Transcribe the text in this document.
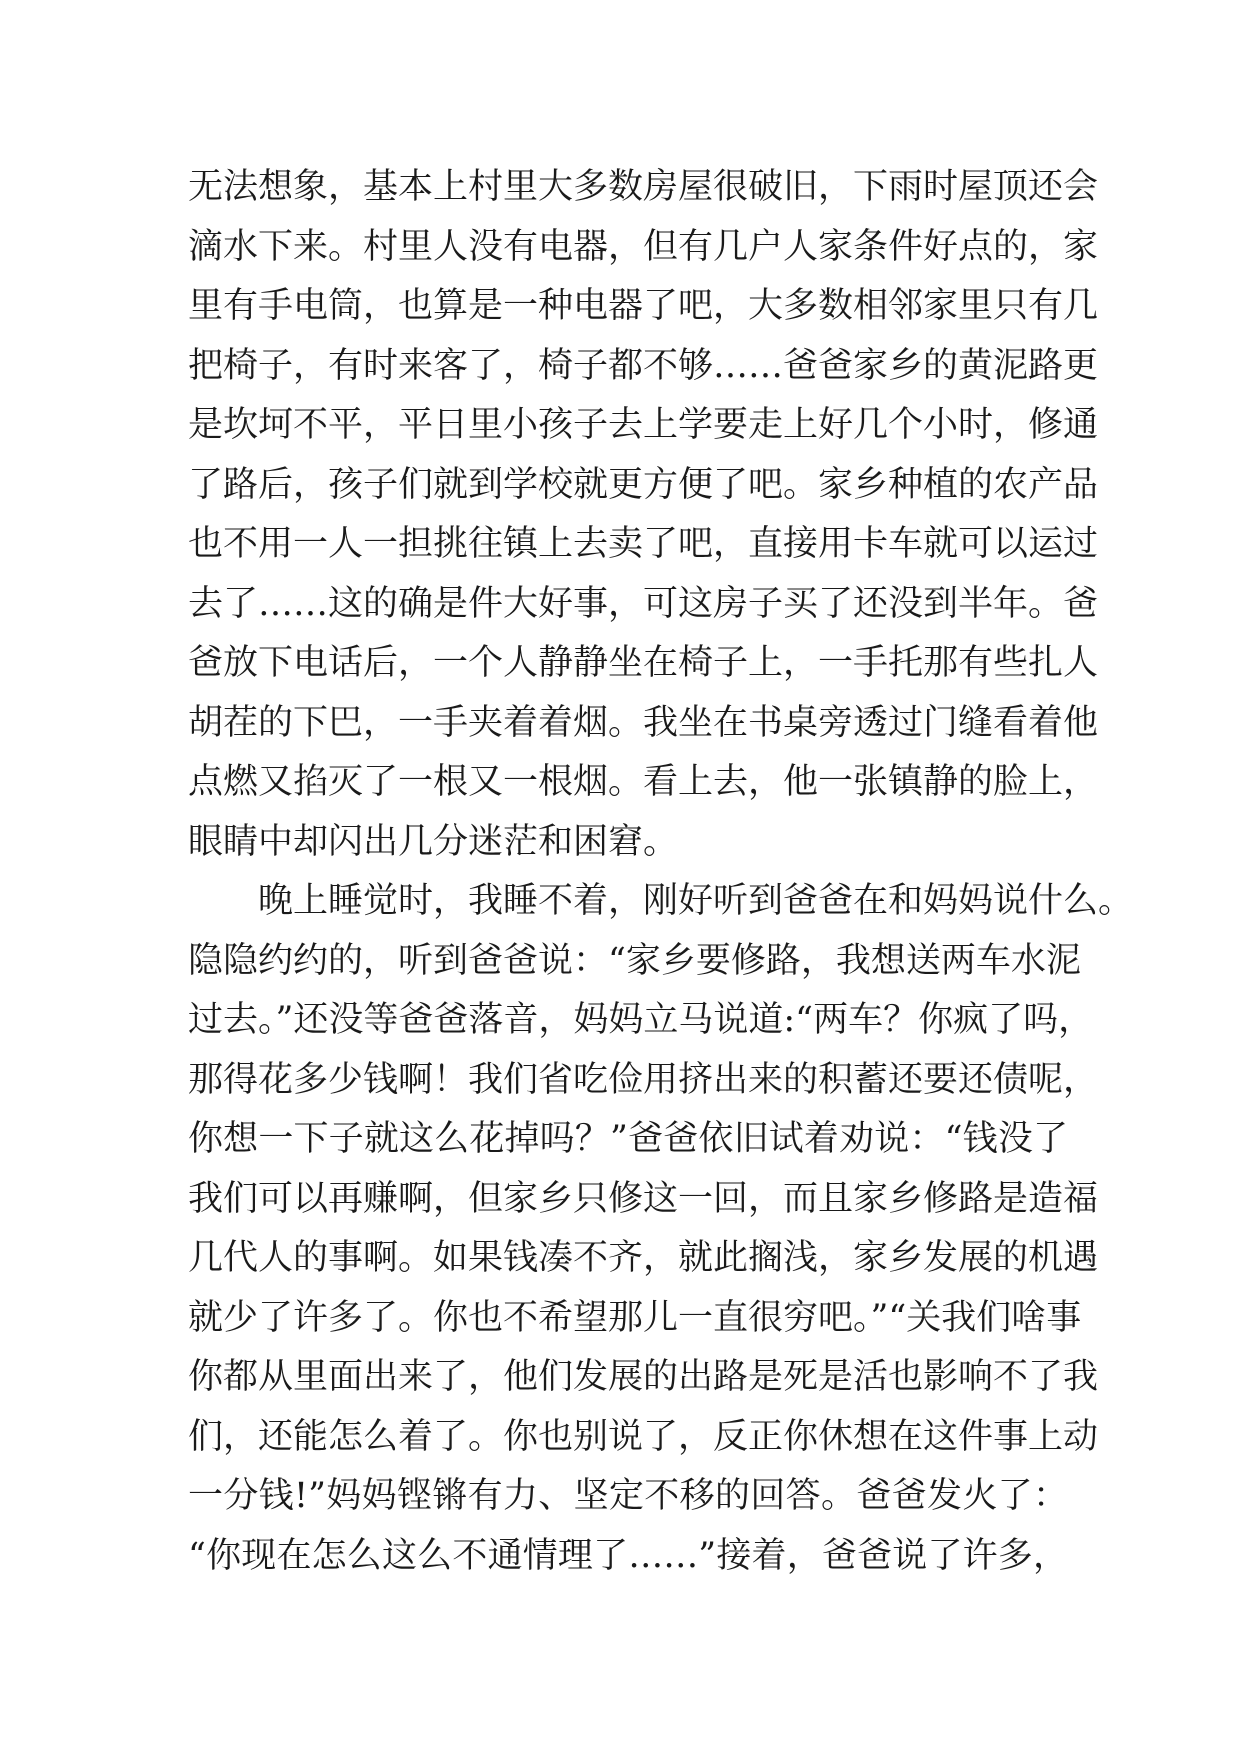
无法想象，基本上村里大多数房屋很破旧，下雨时屋顶还会
滴水下来。村里人没有电器，但有几户人家条件好点的，家
里有手电筒，也算是一种电器了吧，大多数相邻家里只有几
把椅子，有时来客了，椅子都不够……爸爸家乡的黄泥路更
是坎坷不平，平日里小孩子去上学要走上好几个小时，修通
了路后，孩子们就到学校就更方便了吧。家乡种植的农产品
也不用一人一担挑往镇上去卖了吧，直接用卡车就可以运过
去了……这的确是件大好事，可这房子买了还没到半年。爸
爸放下电话后，一个人静静坐在椅子上，一手托那有些扎人
胡茬的下巴，一手夹着着烟。我坐在书桌旁透过门缝看着他
点燃又掐灭了一根又一根烟。看上去，他一张镇静的脸上，
眼睛中却闪出几分迷茫和困窘。
晚上睡觉时，我睡不着，刚好听到爸爸在和妈妈说什么。
隐隐约约的，听到爸爸说：“家乡要修路，我想送两车水泥
过去。”还没等爸爸落音，妈妈立马说道:“两车？你疯了吗，
那得花多少钱啊！我们省吃俭用挤出来的积蓄还要还债呢，
你想一下子就这么花掉吗？”爸爸依旧试着劝说：“钱没了
我们可以再赚啊，但家乡只修这一回，而且家乡修路是造福
几代人的事啊。如果钱凑不齐，就此搁浅，家乡发展的机遇
就少了许多了。你也不希望那儿一直很穷吧。”“关我们啥事
你都从里面出来了，他们发展的出路是死是活也影响不了我
们，还能怎么着了。你也别说了，反正你休想在这件事上动
一分钱!”妈妈铿锵有力、坚定不移的回答。爸爸发火了：
“你现在怎么这么不通情理了……”接着，爸爸说了许多，
